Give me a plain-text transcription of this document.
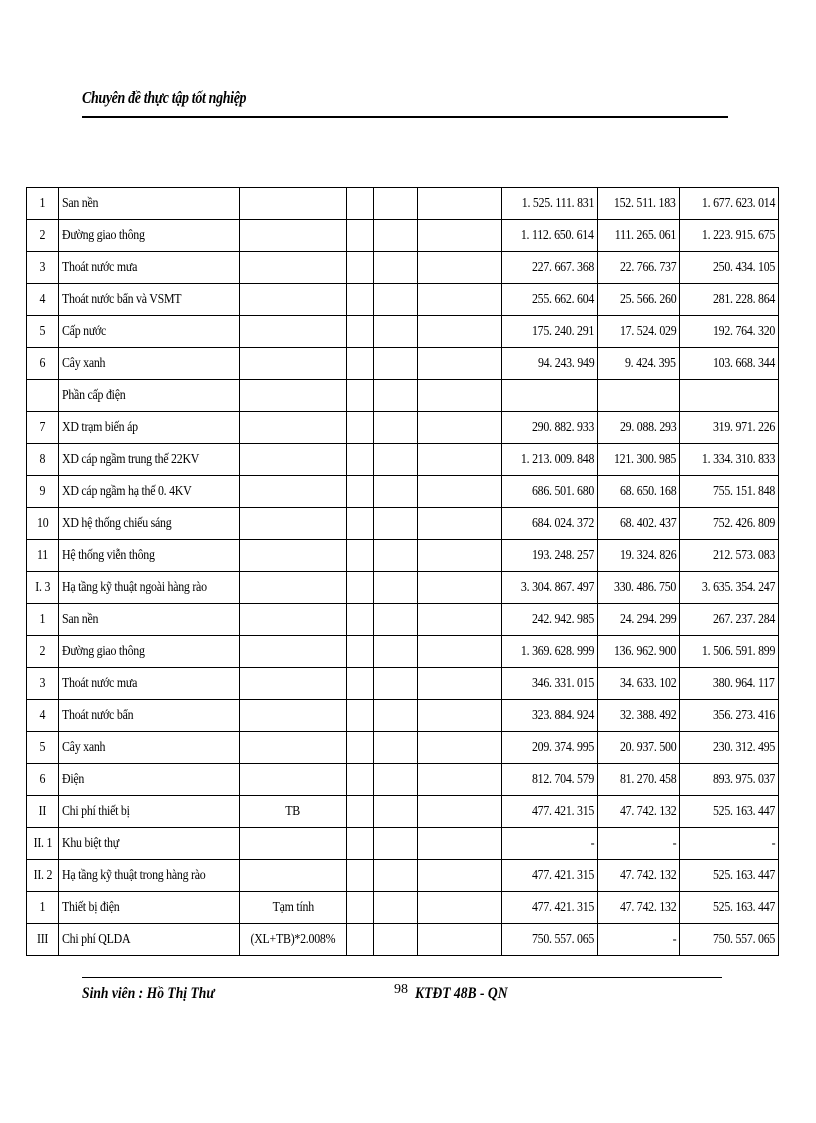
Chuyên đề thực tập tốt nghiệp
1	San nền					1. 525. 111. 831	152. 511. 183	1. 677. 623. 014
2	Đường giao thông					1. 112. 650. 614	111. 265. 061	1. 223. 915. 675
3	Thoát nước mưa					227. 667. 368	22. 766. 737	250. 434. 105
4	Thoát nước bẩn và VSMT					255. 662. 604	25. 566. 260	281. 228. 864
5	Cấp nước					175. 240. 291	17. 524. 029	192. 764. 320
6	Cây xanh					94. 243. 949	9. 424. 395	103. 668. 344
	Phần cấp điện							
7	XD trạm biến áp					290. 882. 933	29. 088. 293	319. 971. 226
8	XD cáp ngầm trung thế 22KV					1. 213. 009. 848	121. 300. 985	1. 334. 310. 833
9	XD cáp ngầm hạ thế 0. 4KV					686. 501. 680	68. 650. 168	755. 151. 848
10	XD hệ thống chiếu sáng					684. 024. 372	68. 402. 437	752. 426. 809
11	Hệ thống viễn thông					193. 248. 257	19. 324. 826	212. 573. 083
I. 3	Hạ tầng kỹ thuật ngoài hàng rào					3. 304. 867. 497	330. 486. 750	3. 635. 354. 247
1	San nền					242. 942. 985	24. 294. 299	267. 237. 284
2	Đường giao thông					1. 369. 628. 999	136. 962. 900	1. 506. 591. 899
3	Thoát nước mưa					346. 331. 015	34. 633. 102	380. 964. 117
4	Thoát nước bẩn					323. 884. 924	32. 388. 492	356. 273. 416
5	Cây xanh					209. 374. 995	20. 937. 500	230. 312. 495
6	Điện					812. 704. 579	81. 270. 458	893. 975. 037
II	Chi phí thiết bị	TB				477. 421. 315	47. 742. 132	525. 163. 447
II. 1	Khu biệt thự					-	-	-
II. 2	Hạ tầng kỹ thuật trong hàng rào					477. 421. 315	47. 742. 132	525. 163. 447
1	Thiết bị điện	Tạm tính				477. 421. 315	47. 742. 132	525. 163. 447
III	Chi phí QLDA	(XL+TB)*2.008%				750. 557. 065	-	750. 557. 065
Sinh viên : Hồ Thị Thư	98 KTĐT 48B - QN
